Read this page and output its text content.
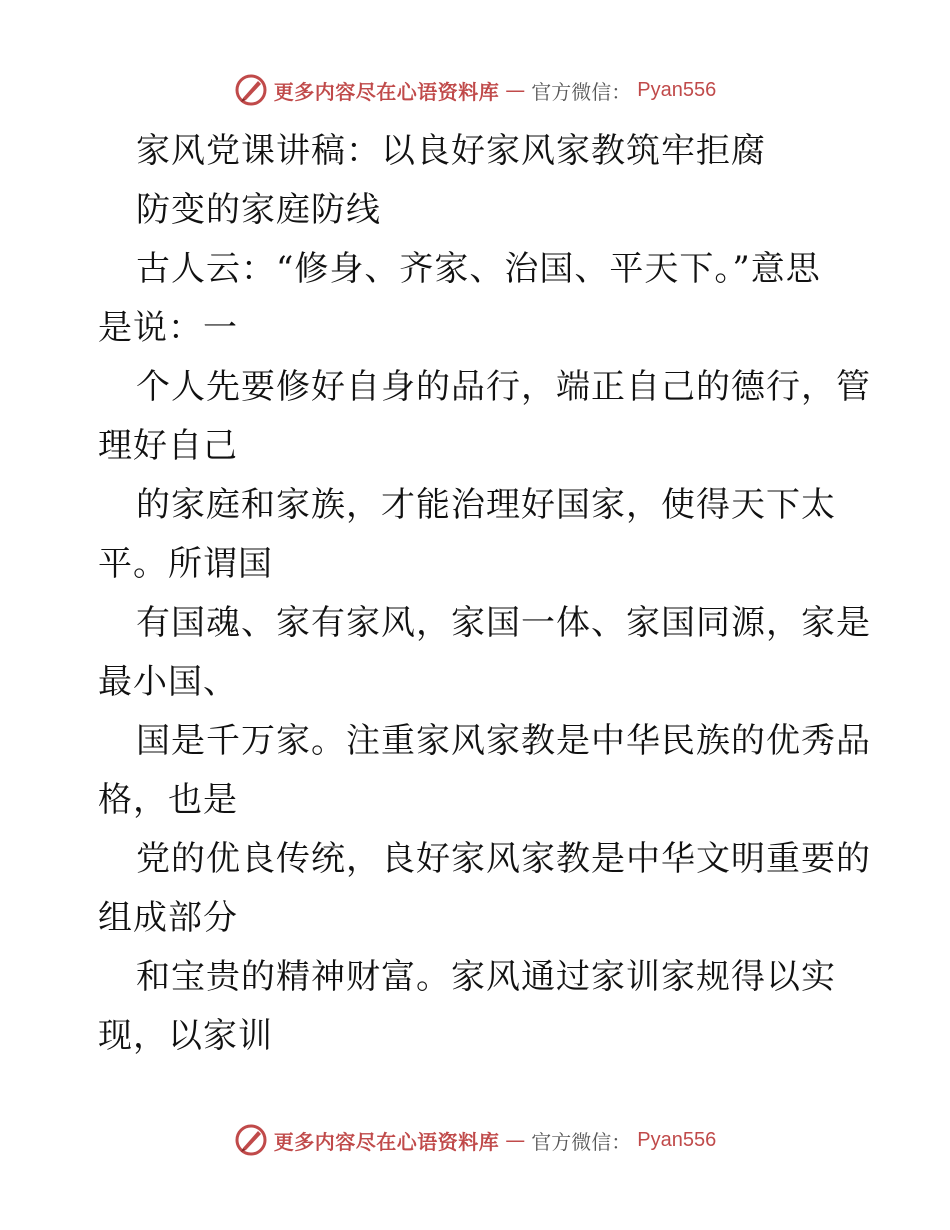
更多内容尽在心语资料库 — 官方微信： Pyan556
家风党课讲稿：以良好家风家教筑牢拒腐
防变的家庭防线
古人云：“修身、齐家、治国、平天下。”意思
是说：一
个人先要修好自身的品行，端正自己的德行，管
理好自己
的家庭和家族，才能治理好国家，使得天下太
平。所谓国
有国魂、家有家风，家国一体、家国同源，家是
最小国、
国是千万家。注重家风家教是中华民族的优秀品
格，也是
党的优良传统，良好家风家教是中华文明重要的
组成部分
和宝贵的精神财富。家风通过家训家规得以实
现，以家训
更多内容尽在心语资料库 — 官方微信： Pyan556
